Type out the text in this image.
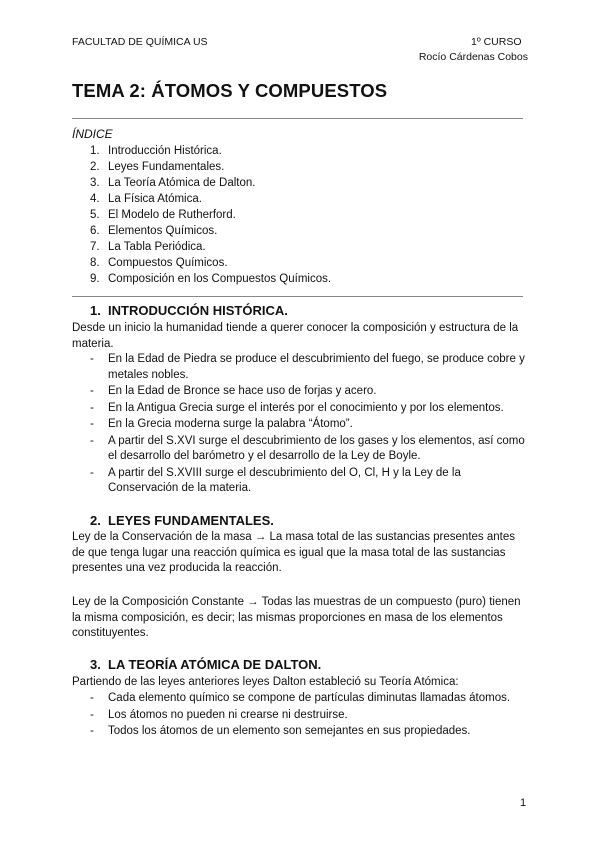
FACULTAD DE QUÍMICA US	1º CURSO
Rocío Cárdenas Cobos
TEMA 2: ÁTOMOS Y COMPUESTOS
ÍNDICE
1. Introducción Histórica.
2. Leyes Fundamentales.
3. La Teoría Atómica de Dalton.
4. La Física Atómica.
5. El Modelo de Rutherford.
6. Elementos Químicos.
7. La Tabla Periódica.
8. Compuestos Químicos.
9. Composición en los Compuestos Químicos.
1. INTRODUCCIÓN HISTÓRICA.

Desde un inicio la humanidad tiende a querer conocer la composición y estructura de la materia.

- En la Edad de Piedra se produce el descubrimiento del fuego, se produce cobre y metales nobles.
- En la Edad de Bronce se hace uso de forjas y acero.
- En la Antigua Grecia surge el interés por el conocimiento y por los elementos.
- En la Grecia moderna surge la palabra “Átomo”.
- A partir del S.XVI surge el descubrimiento de los gases y los elementos, así como el desarrollo del barómetro y el desarrollo de la Ley de Boyle.
- A partir del S.XVIII surge el descubrimiento del O, Cl, H y la Ley de la Conservación de la materia.
2. LEYES FUNDAMENTALES.

Ley de la Conservación de la masa → La masa total de las sustancias presentes antes de que tenga lugar una reacción química es igual que la masa total de las sustancias presentes una vez producida la reacción.

Ley de la Composición Constante → Todas las muestras de un compuesto (puro) tienen la misma composición, es decir; las mismas proporciones en masa de los elementos constituyentes.

3. LA TEORÍA ATÓMICA DE DALTON.

Partiendo de las leyes anteriores leyes Dalton estableció su Teoría Atómica:

- Cada elemento químico se compone de partículas diminutas llamadas átomos.
- Los átomos no pueden ni crearse ni destruirse.
- Todos los átomos de un elemento son semejantes en sus propiedades.
1
